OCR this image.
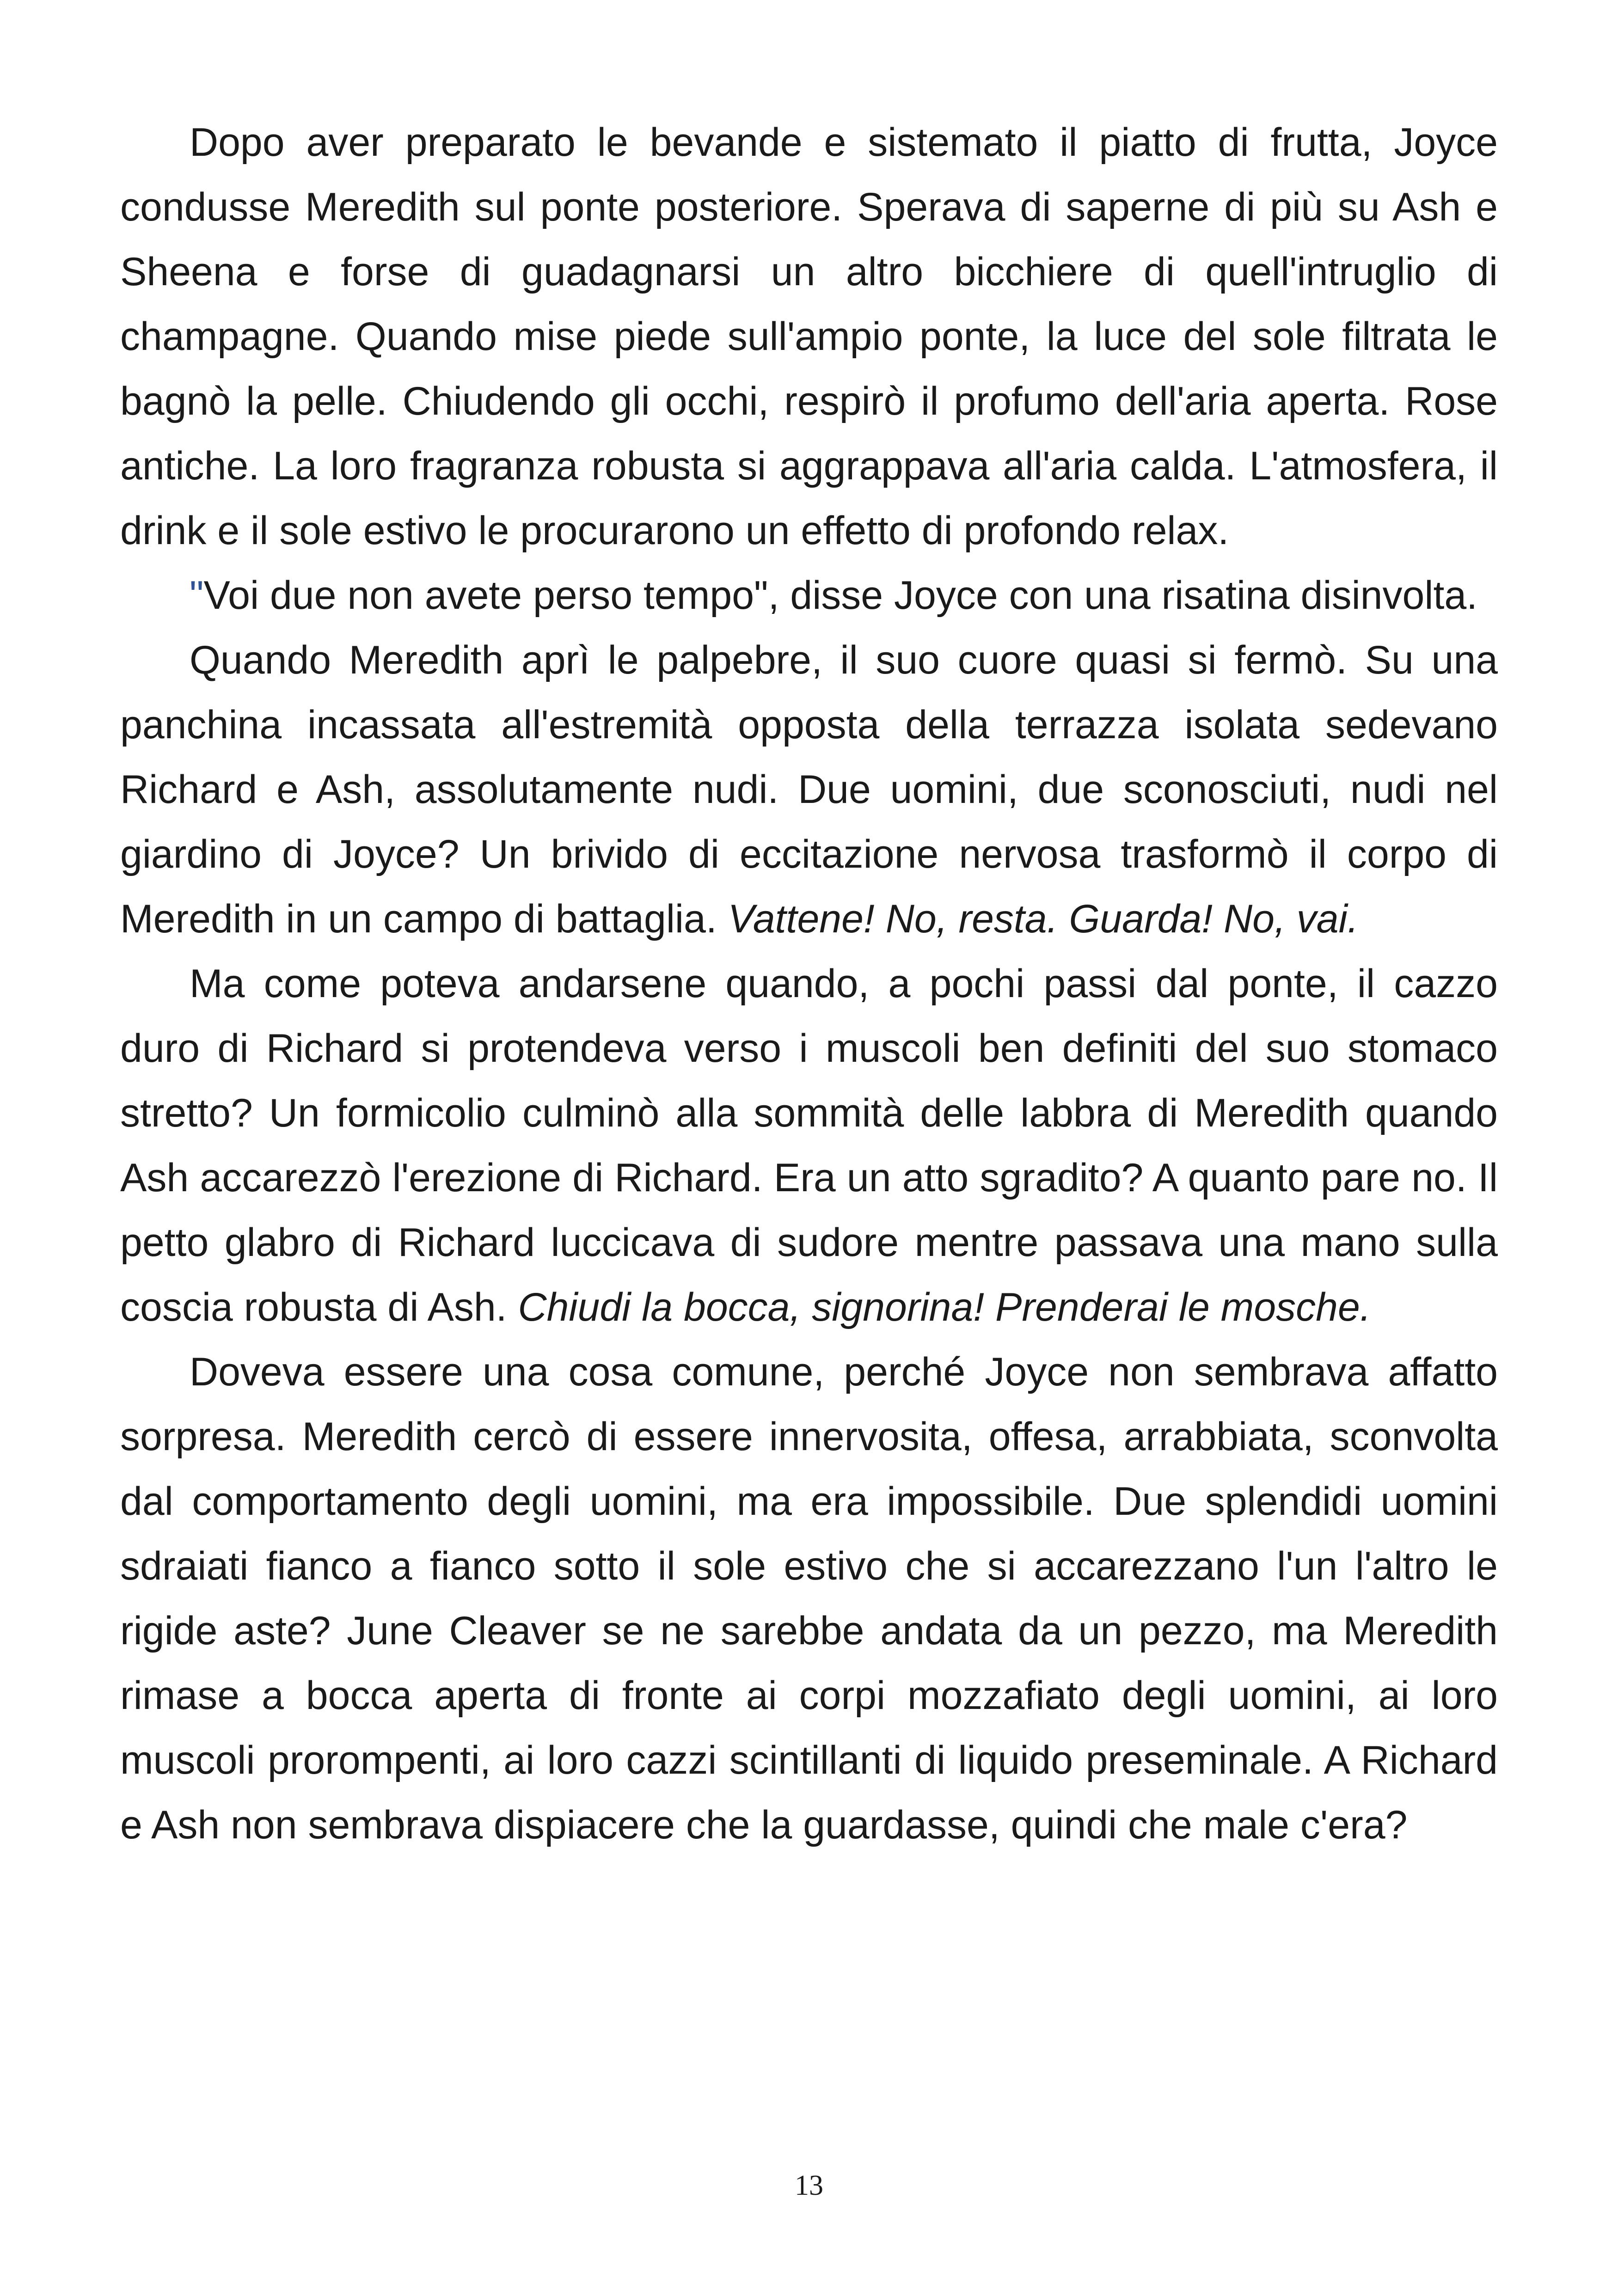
Dopo aver preparato le bevande e sistemato il piatto di frutta, Joyce condusse Meredith sul ponte posteriore. Sperava di saperne di più su Ash e Sheena e forse di guadagnarsi un altro bicchiere di quell'intruglio di champagne. Quando mise piede sull'ampio ponte, la luce del sole filtrata le bagnò la pelle. Chiudendo gli occhi, respirò il profumo dell'aria aperta. Rose antiche. La loro fragranza robusta si aggrappava all'aria calda. L'atmosfera, il drink e il sole estivo le procurarono un effetto di profondo relax.

"Voi due non avete perso tempo", disse Joyce con una risatina disinvolta.

Quando Meredith aprì le palpebre, il suo cuore quasi si fermò. Su una panchina incassata all'estremità opposta della terrazza isolata sedevano Richard e Ash, assolutamente nudi. Due uomini, due sconosciuti, nudi nel giardino di Joyce? Un brivido di eccitazione nervosa trasformò il corpo di Meredith in un campo di battaglia. Vattene! No, resta. Guarda! No, vai.

Ma come poteva andarsene quando, a pochi passi dal ponte, il cazzo duro di Richard si protendeva verso i muscoli ben definiti del suo stomaco stretto? Un formicolio culminò alla sommità delle labbra di Meredith quando Ash accarezzò l'erezione di Richard. Era un atto sgradito? A quanto pare no. Il petto glabro di Richard luccicava di sudore mentre passava una mano sulla coscia robusta di Ash. Chiudi la bocca, signorina! Prenderai le mosche.

Doveva essere una cosa comune, perché Joyce non sembrava affatto sorpresa. Meredith cercò di essere innervosita, offesa, arrabbiata, sconvolta dal comportamento degli uomini, ma era impossibile. Due splendidi uomini sdraiati fianco a fianco sotto il sole estivo che si accarezzano l'un l'altro le rigide aste? June Cleaver se ne sarebbe andata da un pezzo, ma Meredith rimase a bocca aperta di fronte ai corpi mozzafiato degli uomini, ai loro muscoli prorompenti, ai loro cazzi scintillanti di liquido preseminale. A Richard e Ash non sembrava dispiacere che la guardasse, quindi che male c'era?

13
